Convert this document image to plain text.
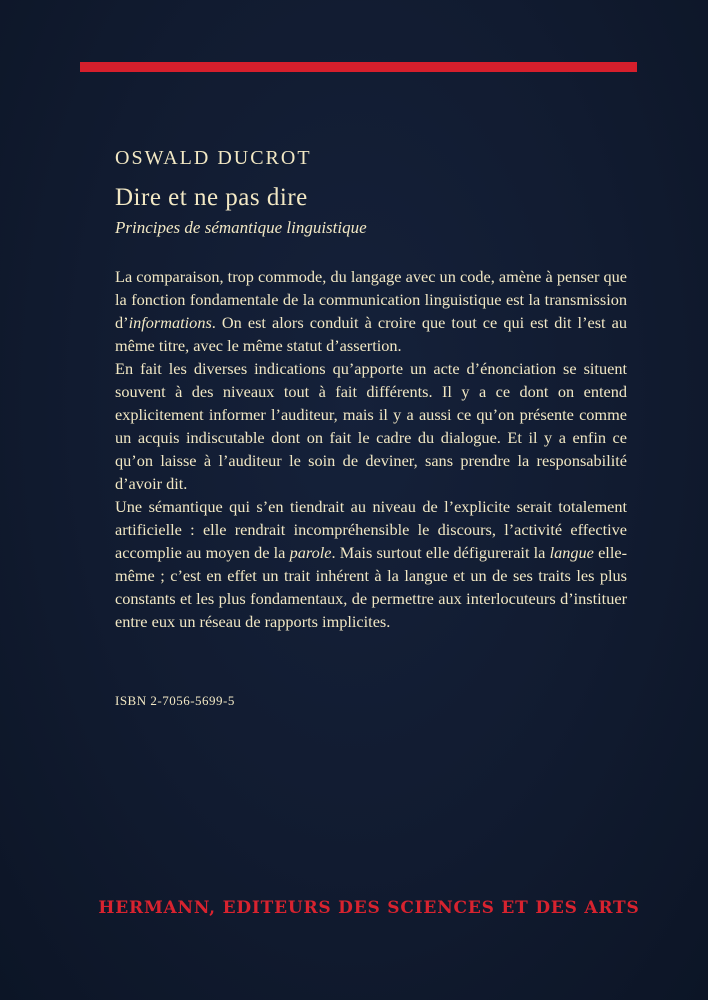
OSWALD DUCROT
Dire et ne pas dire
Principes de sémantique linguistique

La comparaison, trop commode, du langage avec un code, amène à penser que la fonction fondamentale de la communication linguistique est la transmission d’informations. On est alors conduit à croire que tout ce qui est dit l’est au même titre, avec le même statut d’assertion.

En fait les diverses indications qu’apporte un acte d’énonciation se situent souvent à des niveaux tout à fait différents. Il y a ce dont on entend explicitement informer l’auditeur, mais il y a aussi ce qu’on présente comme un acquis indiscutable dont on fait le cadre du dialogue. Et il y a enfin ce qu’on laisse à l’auditeur le soin de deviner, sans prendre la responsabilité d’avoir dit.

Une sémantique qui s’en tiendrait au niveau de l’explicite serait totalement artificielle : elle rendrait incompréhensible le discours, l’activité effective accomplie au moyen de la parole. Mais surtout elle défigurerait la langue elle-même ; c’est en effet un trait inhérent à la langue et un de ses traits les plus constants et les plus fondamentaux, de permettre aux interlocuteurs d’instituer entre eux un réseau de rapports implicites.

ISBN 2-7056-5699-5
HERMANN, EDITEURS DES SCIENCES ET DES ARTS
